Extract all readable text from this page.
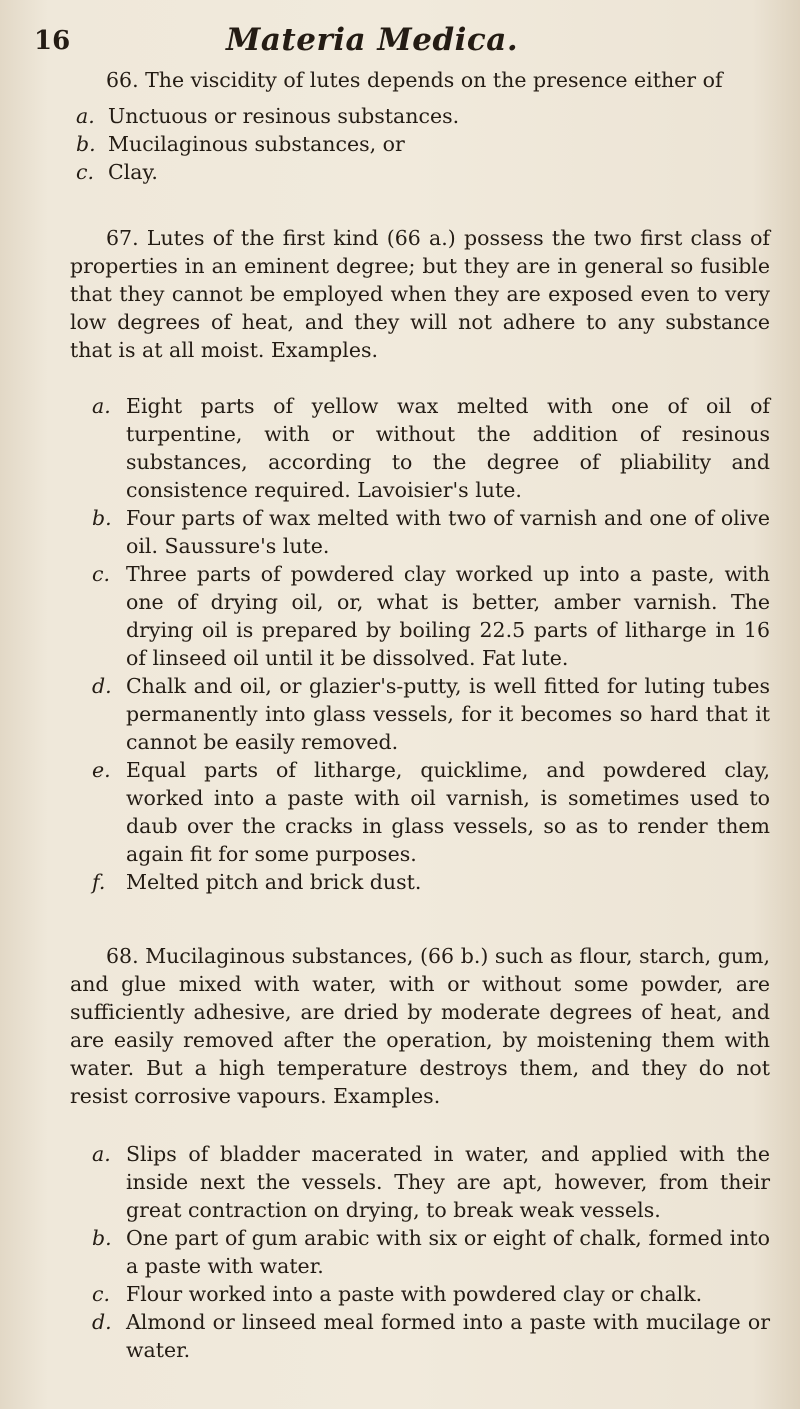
16	Materia Medica.

66. The viscidity of lutes depends on the presence either of

a. Unctuous or resinous substances.
b. Mucilaginous substances, or
c. Clay.

67. Lutes of the first kind (66 a.) possess the two first class of properties in an eminent degree; but they are in general so fusible that they cannot be employed when they are exposed even to very low degrees of heat, and they will not adhere to any substance that is at all moist. Examples.

a. Eight parts of yellow wax melted with one of oil of turpentine, with or without the addition of resinous substances, according to the degree of pliability and consistence required. Lavoisier's lute.
b. Four parts of wax melted with two of varnish and one of olive oil. Saussure's lute.
c. Three parts of powdered clay worked up into a paste, with one of drying oil, or, what is better, amber varnish. The drying oil is prepared by boiling 22.5 parts of litharge in 16 of linseed oil until it be dissolved. Fat lute.
d. Chalk and oil, or glazier's-putty, is well fitted for luting tubes permanently into glass vessels, for it becomes so hard that it cannot be easily removed.
e. Equal parts of litharge, quicklime, and powdered clay, worked into a paste with oil varnish, is sometimes used to daub over the cracks in glass vessels, so as to render them again fit for some purposes.
f. Melted pitch and brick dust.

68. Mucilaginous substances, (66 b.) such as flour, starch, gum, and glue mixed with water, with or without some powder, are sufficiently adhesive, are dried by moderate degrees of heat, and are easily removed after the operation, by moistening them with water. But a high temperature destroys them, and they do not resist corrosive vapours. Examples.

a. Slips of bladder macerated in water, and applied with the inside next the vessels. They are apt, however, from their great contraction on drying, to break weak vessels.
b. One part of gum arabic with six or eight of chalk, formed into a paste with water.
c. Flour worked into a paste with powdered clay or chalk.
d. Almond or linseed meal formed into a paste with mucilage or water.
